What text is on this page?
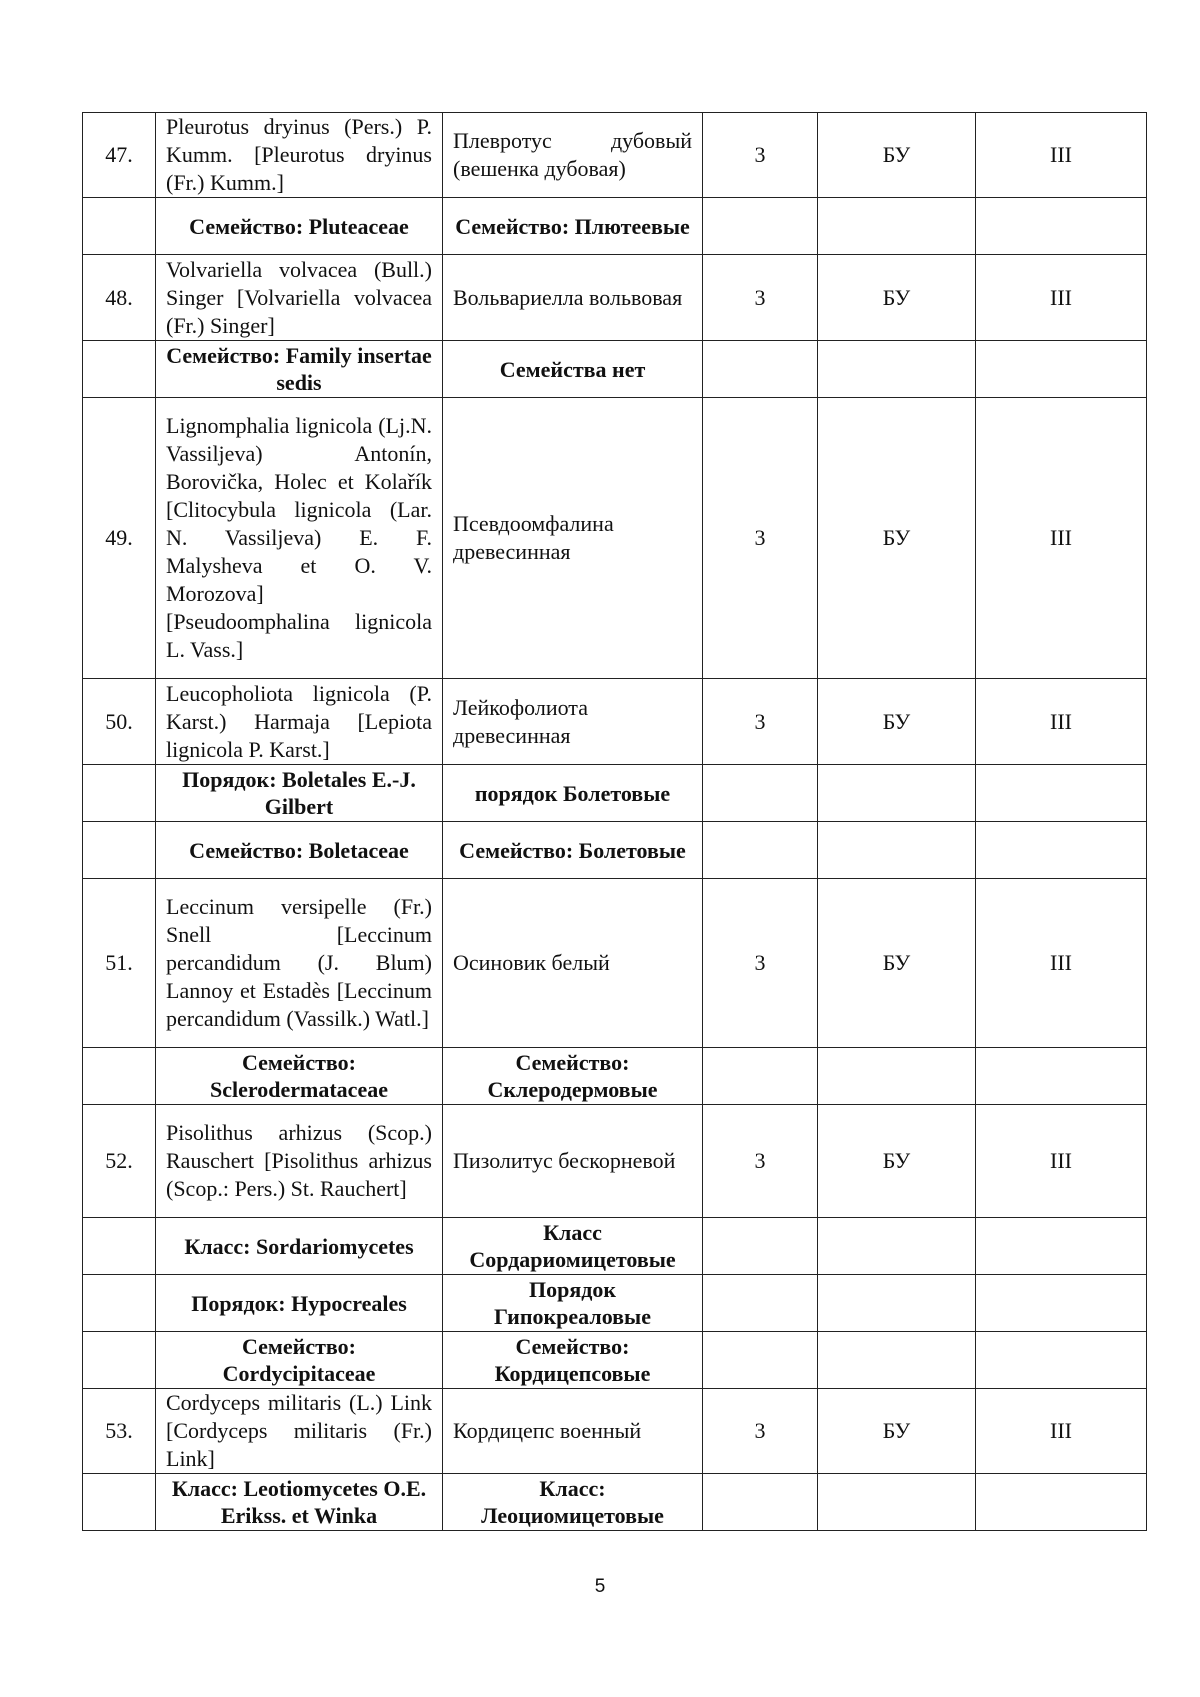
47.	Pleurotus dryinus (Pers.) P. Kumm. [Pleurotus dryinus (Fr.) Kumm.]	Плевротус дубовый (вешенка дубовая)	3	БУ	III
	Семейство: Pluteaceae	Семейство: Плютеевые			
48.	Volvariella volvacea (Bull.) Singer [Volvariella volvacea (Fr.) Singer]	Вольвариелла вольвовая	3	БУ	III
	Семейство: Family insertae sedis	Семейства нет			
49.	Lignomphalia lignicola (Lj.N. Vassiljeva) Antonín, Borovička, Holec et Kolařík [Clitocybula lignicola (Lar. N. Vassiljeva) E. F. Malysheva et O. V. Morozova] [Pseudoomphalina lignicola L. Vass.]	Псевдоомфалина древесинная	3	БУ	III
50.	Leucopholiota lignicola (P. Karst.) Harmaja [Lepiota lignicola P. Karst.]	Лейкофолиота древесинная	3	БУ	III
	Порядок: Boletales E.-J. Gilbert	порядок Болетовые			
	Семейство: Boletaceae	Семейство: Болетовые			
51.	Leccinum versipelle (Fr.) Snell [Leccinum percandidum (J. Blum) Lannoy et Estadès [Leccinum percandidum (Vassilk.) Watl.]	Осиновик белый	3	БУ	III
	Семейство: Sclerodermataceae	Семейство: Склеродермовые			
52.	Pisolithus arhizus (Scop.) Rauschert [Pisolithus arhizus (Scop.: Pers.) St. Rauchert]	Пизолитус бескорневой	3	БУ	III
	Класс: Sordariomycetes	Класс Сордариомицетовые			
	Порядок: Hypocreales	Порядок Гипокреаловые			
	Семейство: Cordycipitaceae	Семейство: Кордицепсовые			
53.	Cordyceps militaris (L.) Link [Cordyceps militaris (Fr.) Link]	Кордицепс военный	3	БУ	III
	Класс: Leotiomycetes O.E. Erikss. et Winka	Класс: Леоциомицетовые			
5
